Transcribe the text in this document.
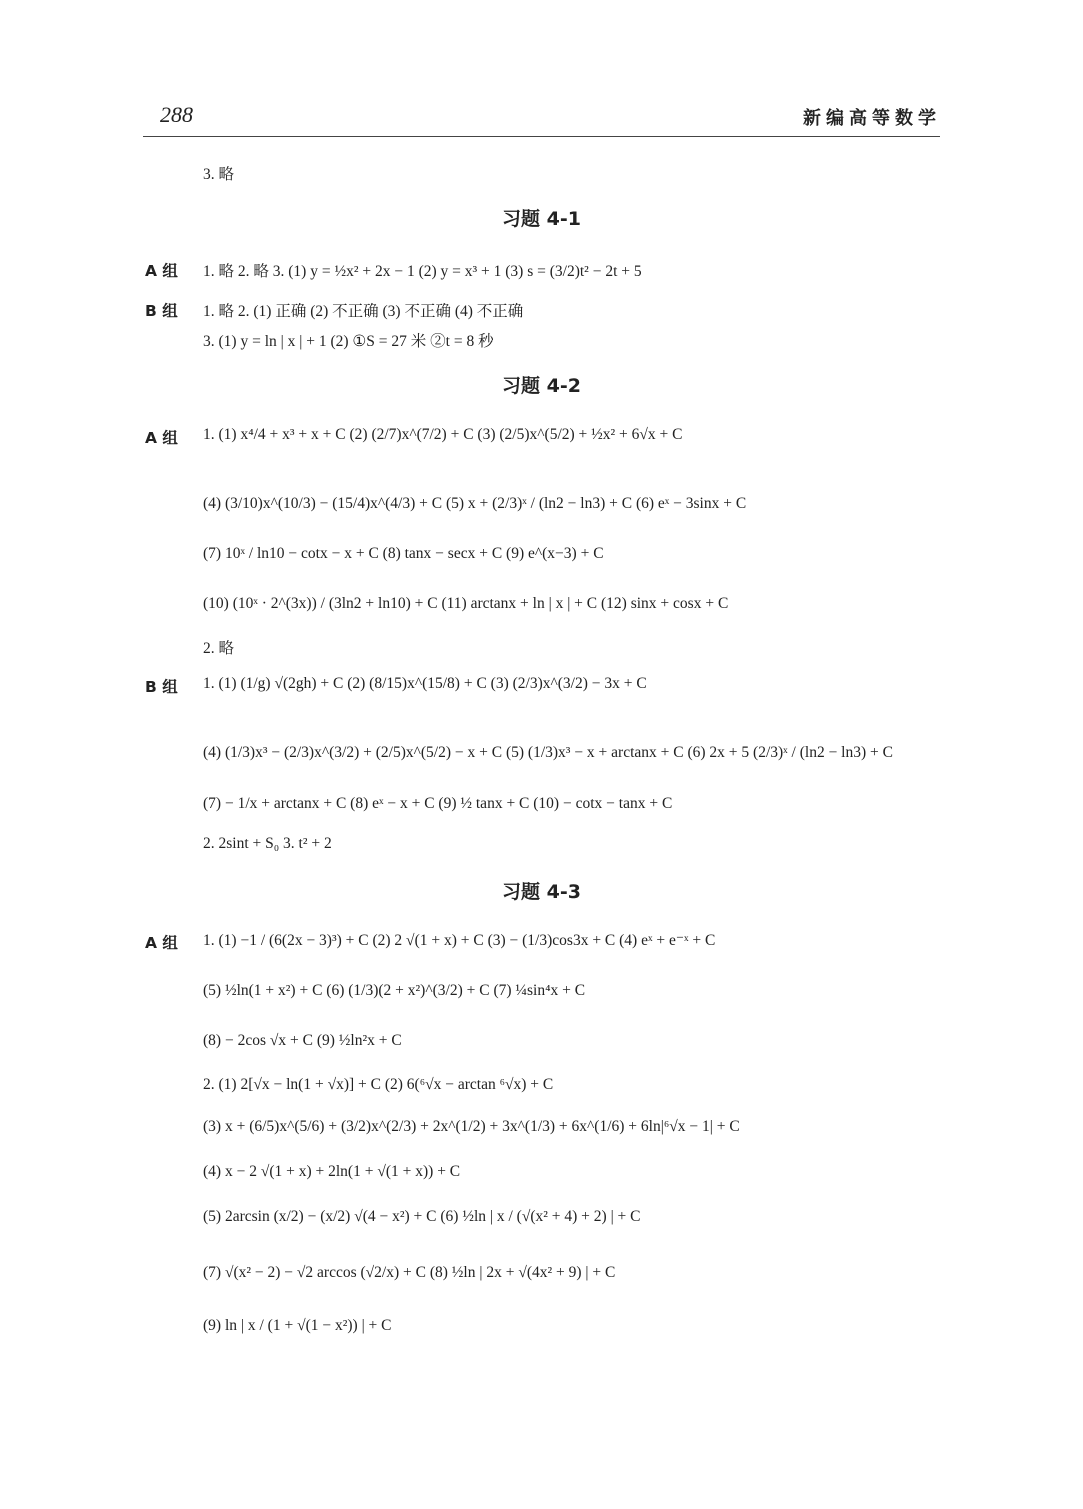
288	新编高等数学
3. 略
习题 4-1
A 组 1. 略 2. 略 3. (1) y = ½x² + 2x − 1 (2) y = x³ + 1 (3) s = (3/2)t² − 2t + 5
B 组 1. 略 2. (1) 正确 (2) 不正确 (3) 不正确 (4) 不正确
3. (1) y = ln | x | + 1 (2) ①S = 27 米 ②t = 8 秒
习题 4-2
A 组 1. (1) x⁴/4 + x³ + x + C (2) (2/7)x^(7/2) + C (3) (2/5)x^(5/2) + ½x² + 6√x + C
(4) (3/10)x^(10/3) − (15/4)x^(4/3) + C (5) x + (2/3)ˣ / (ln2 − ln3) + C (6) eˣ − 3sinx + C
(7) 10ˣ / ln10 − cotx − x + C (8) tanx − secx + C (9) e^(x−3) + C
(10) (10ˣ · 2^(3x)) / (3ln2 + ln10) + C (11) arctanx + ln | x | + C (12) sinx + cosx + C
2. 略
B 组 1. (1) (1/g) √(2gh) + C (2) (8/15)x^(15/8) + C (3) (2/3)x^(3/2) − 3x + C
(4) (1/3)x³ − (2/3)x^(3/2) + (2/5)x^(5/2) − x + C (5) (1/3)x³ − x + arctanx + C (6) 2x + 5 (2/3)ˣ / (ln2 − ln3) + C
(7) − 1/x + arctanx + C (8) eˣ − x + C (9) ½ tanx + C (10) − cotx − tanx + C
2. 2sint + S₀ 3. t² + 2
习题 4-3
A 组 1. (1) −1 / (6(2x − 3)³) + C (2) 2 √(1 + x) + C (3) − (1/3)cos3x + C (4) eˣ + e⁻ˣ + C
(5) ½ln(1 + x²) + C (6) (1/3)(2 + x²)^(3/2) + C (7) ¼sin⁴x + C
(8) − 2cos √x + C (9) ½ln²x + C
2. (1) 2[√x − ln(1 + √x)] + C (2) 6(⁶√x − arctan ⁶√x) + C
(3) x + (6/5)x^(5/6) + (3/2)x^(2/3) + 2x^(1/2) + 3x^(1/3) + 6x^(1/6) + 6ln|⁶√x − 1| + C
(4) x − 2 √(1 + x) + 2ln(1 + √(1 + x)) + C
(5) 2arcsin (x/2) − (x/2) √(4 − x²) + C (6) ½ln | x / (√(x² + 4) + 2) | + C
(7) √(x² − 2) − √2 arccos (√2/x) + C (8) ½ln | 2x + √(4x² + 9) | + C
(9) ln | x / (1 + √(1 − x²)) | + C
